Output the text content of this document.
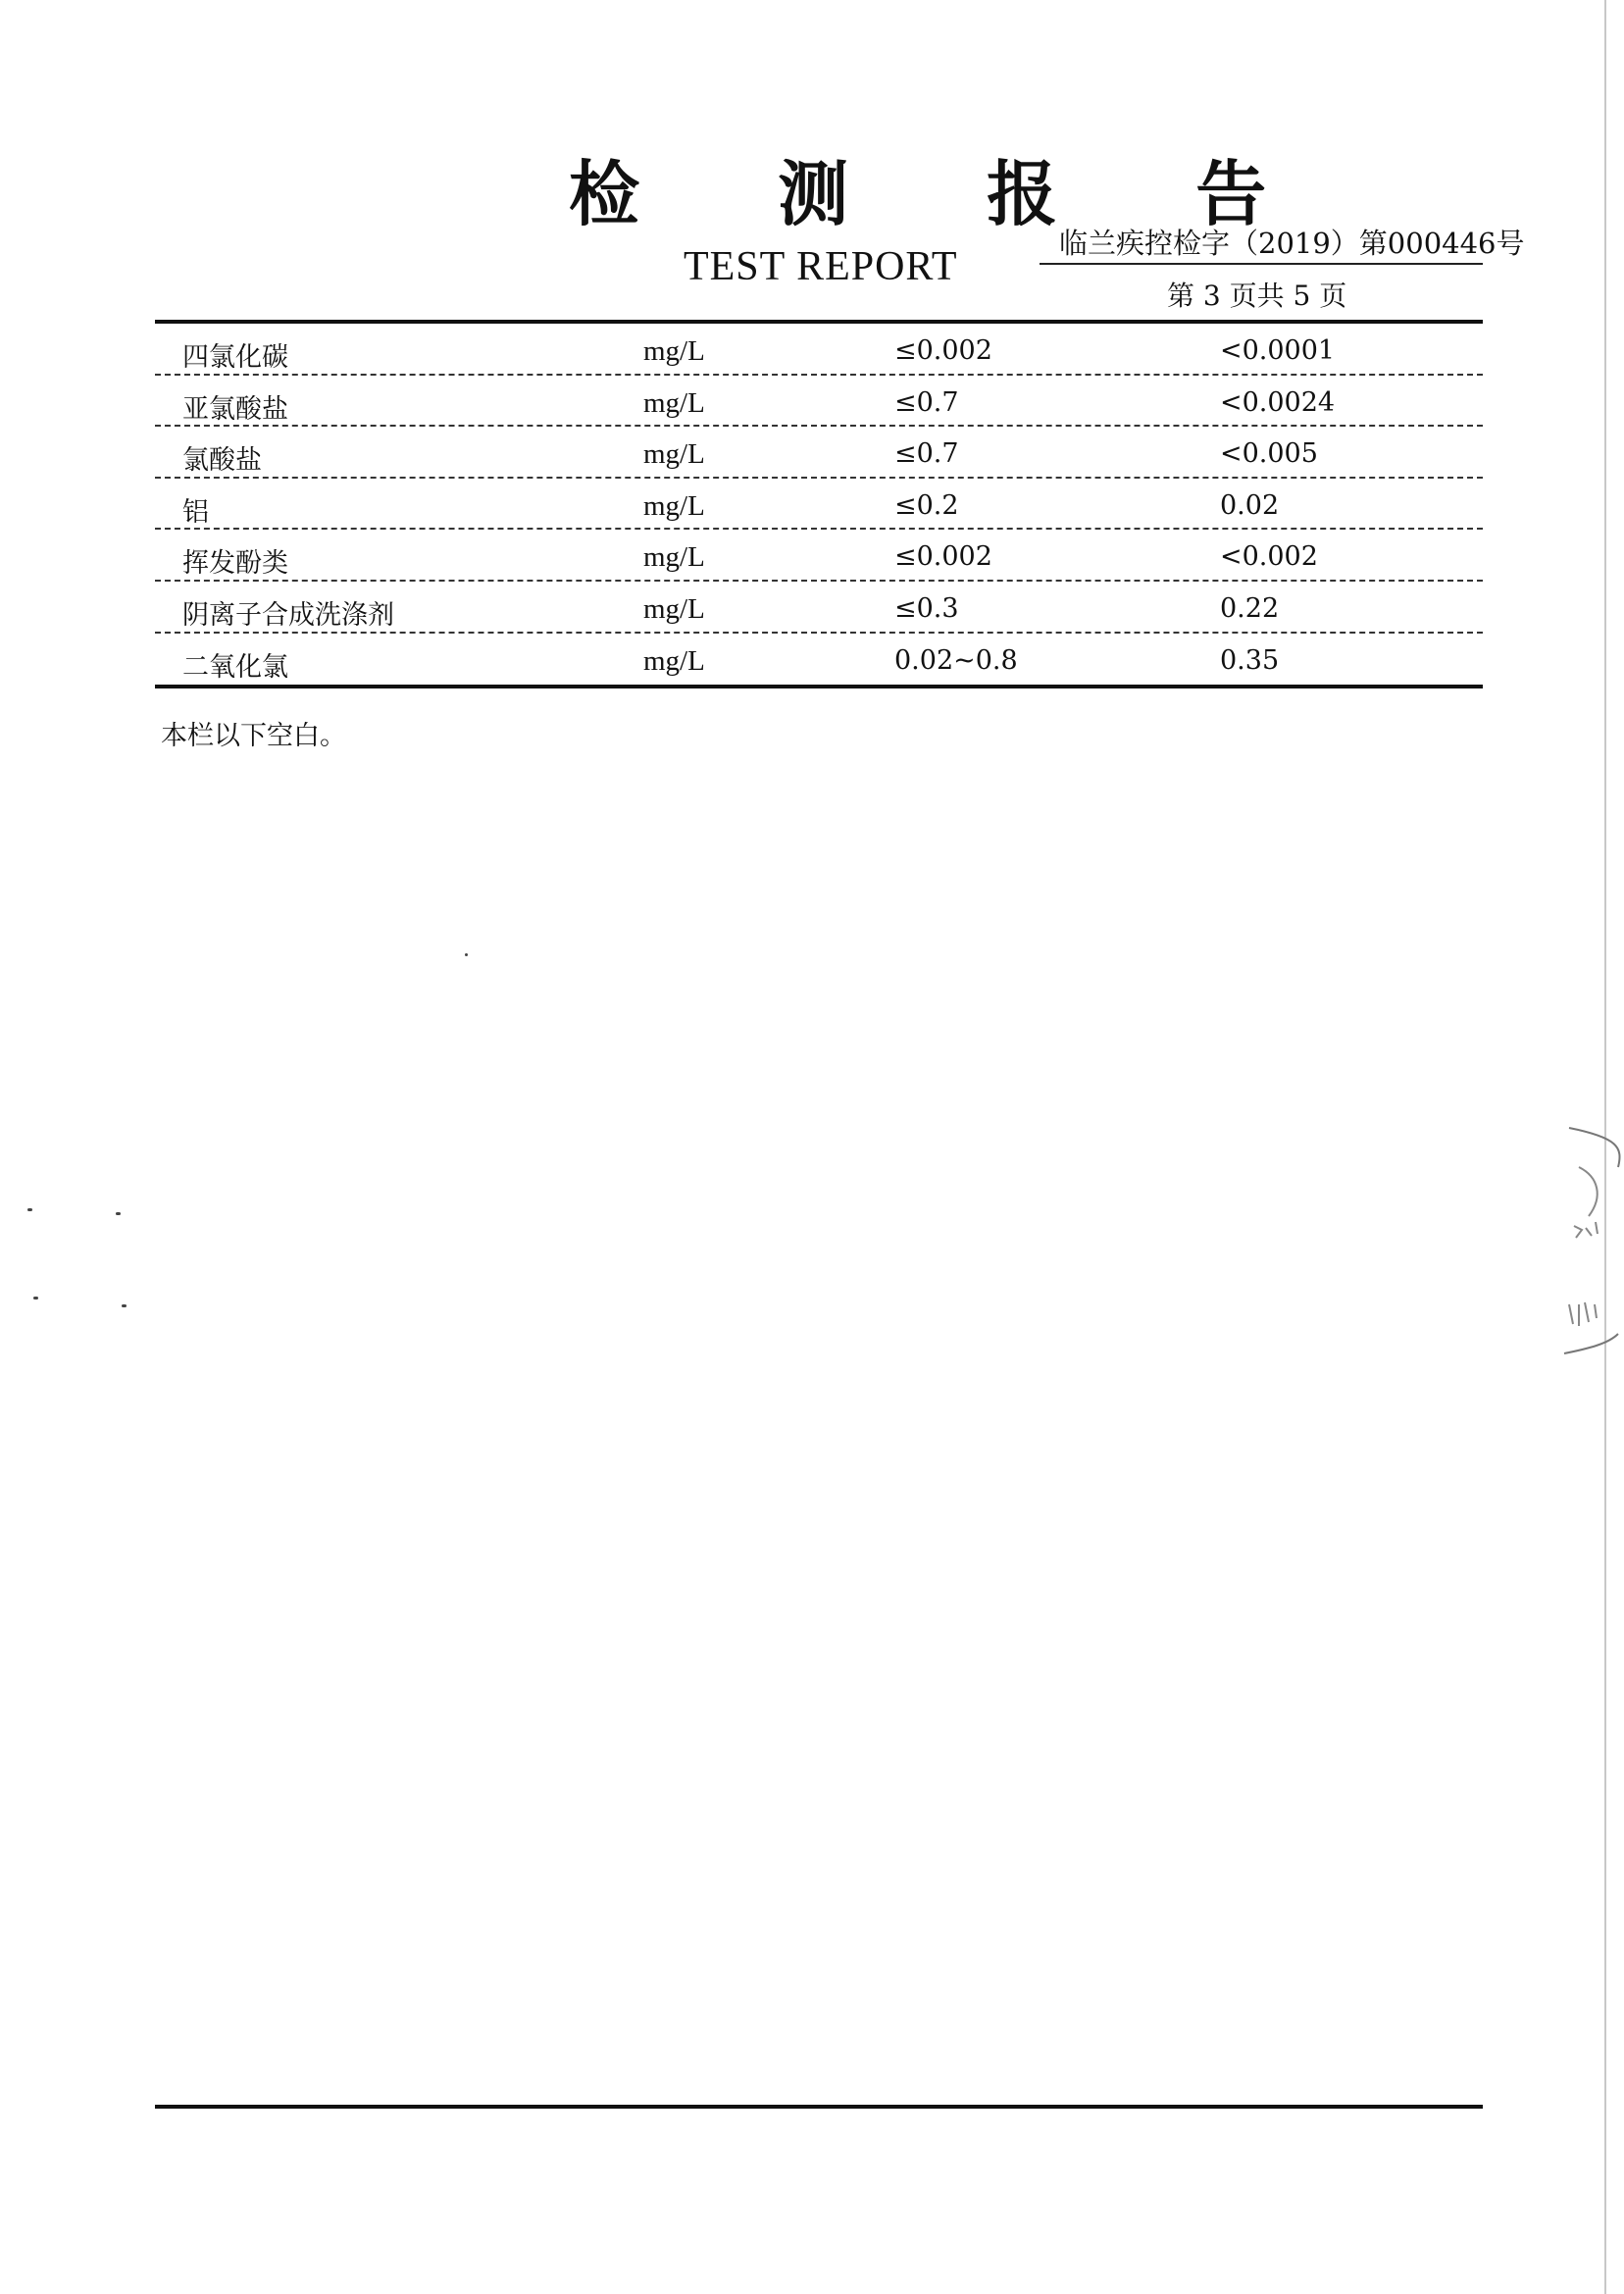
检 测 报 告
TEST REPORT
临兰疾控检字（2019）第000446号
第 3 页共 5 页
四氯化碳	mg/L	≤0.002	<0.0001
亚氯酸盐	mg/L	≤0.7	<0.0024
氯酸盐	mg/L	≤0.7	<0.005
铝	mg/L	≤0.2	0.02
挥发酚类	mg/L	≤0.002	<0.002
阴离子合成洗涤剂	mg/L	≤0.3	0.22
二氧化氯	mg/L	0.02~0.8	0.35
本栏以下空白。
